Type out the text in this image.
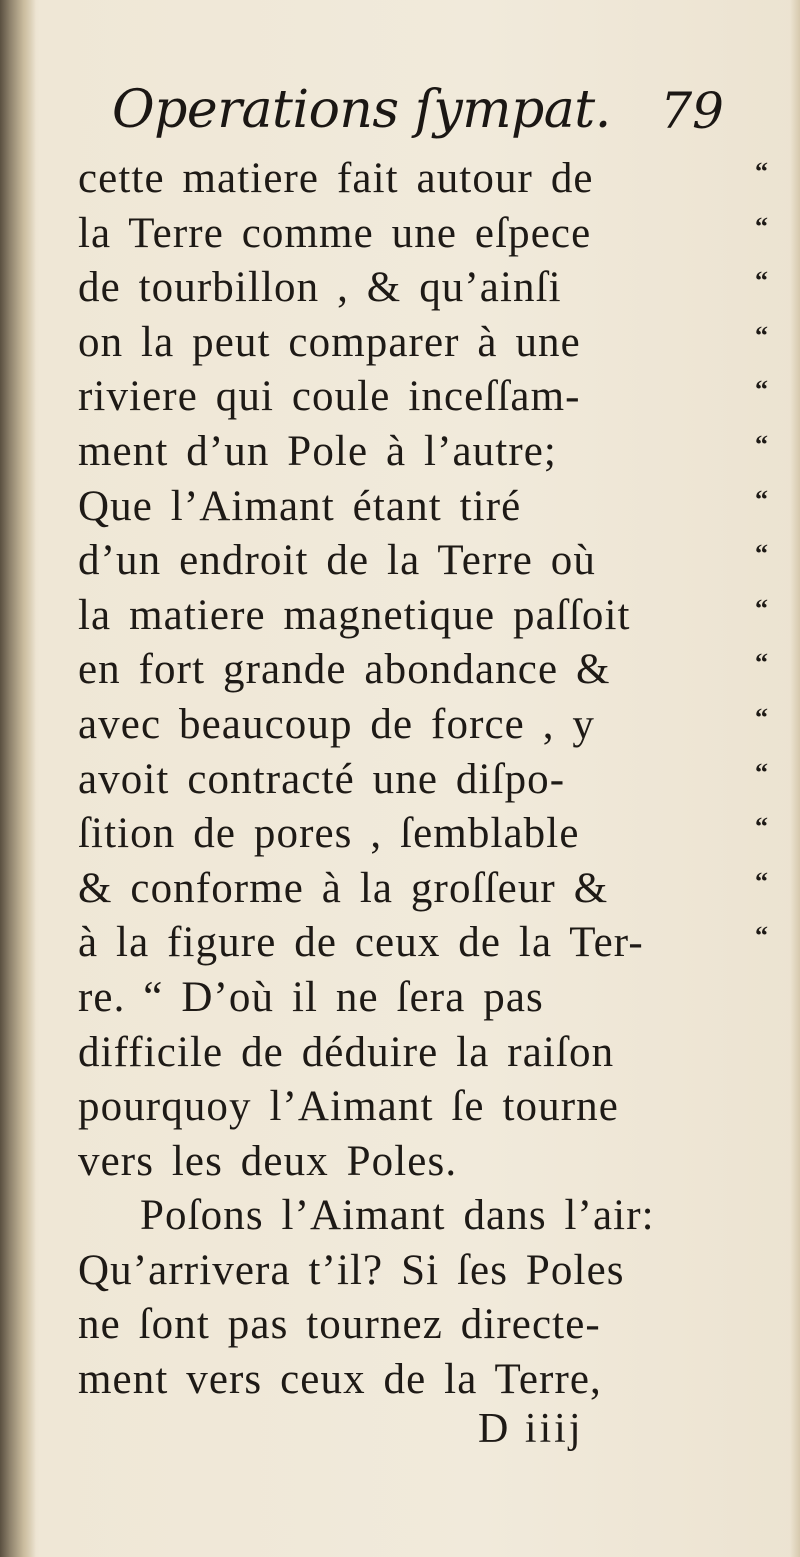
Operations ſympat. 79
cette matiere fait autour de	“
la Terre comme une eſpece	“
de tourbillon , & qu’ainſi	“
on la peut comparer à une	“
riviere qui coule inceſſam-	“
ment d’un Pole à l’autre;	“
Que l’Aimant étant tiré	“
d’un endroit de la Terre où	“
la matiere magnetique paſſoit	“
en fort grande abondance &	“
avec beaucoup de force , y	“
avoit contracté une diſpo-	“
ſition de pores , ſemblable	“
& conforme à la groſſeur &	“
à la figure de ceux de la Ter-	“
re. “ D’où il ne ſera pas
difficile de déduire la raiſon
pourquoy l’Aimant ſe tourne
vers les deux Poles.
Poſons l’Aimant dans l’air:
Qu’arrivera t’il? Si ſes Poles
ne ſont pas tournez directe-
ment vers ceux de la Terre,
D iiij
